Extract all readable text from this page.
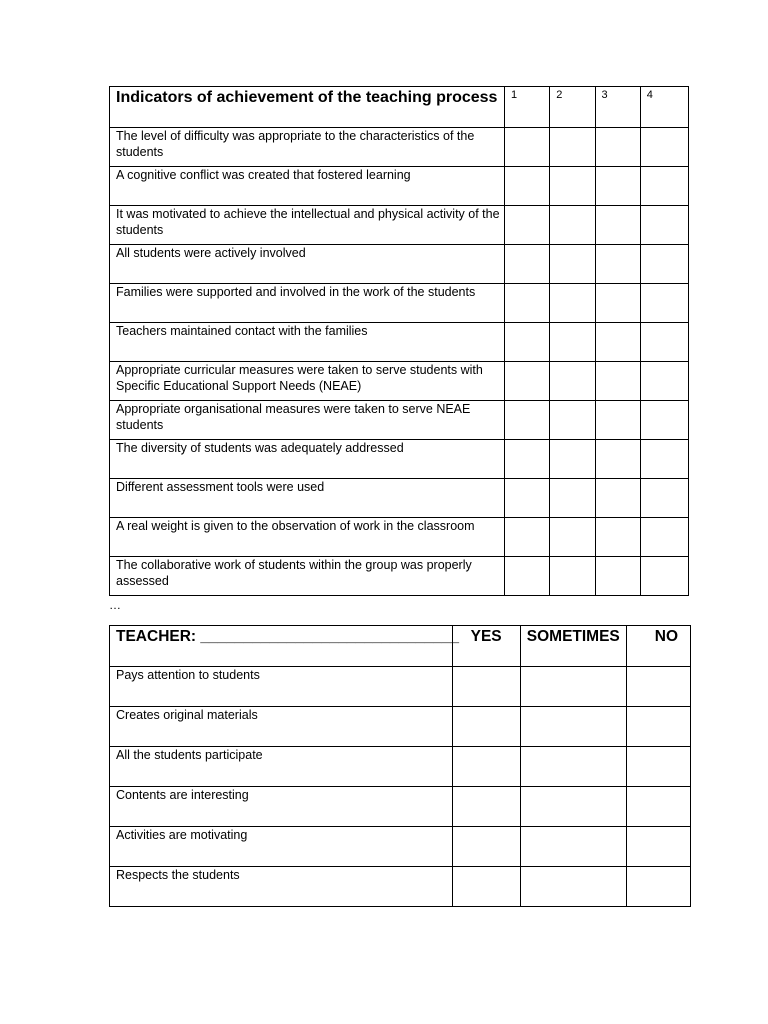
Indicators of achievement of the teaching process	1	2	3	4
The level of difficulty was appropriate to the characteristics of the students				
A cognitive conflict was created that fostered learning				
It was motivated to achieve the intellectual and physical activity of the students				
All students were actively involved				
Families were supported and involved in the work of the students				
Teachers maintained contact with the families				
Appropriate curricular measures were taken to serve students with Specific Educational Support Needs (NEAE)				
Appropriate organisational measures were taken to serve NEAE students				
The diversity of students was adequately addressed				
Different assessment tools were used				
A real weight is given to the observation of work in the classroom				
The collaborative work of students within the group was properly assessed				
…
TEACHER: ______________________________	YES	SOMETIMES	NO
Pays attention to students			
Creates original materials			
All the students participate			
Contents are interesting			
Activities are motivating			
Respects the students			
